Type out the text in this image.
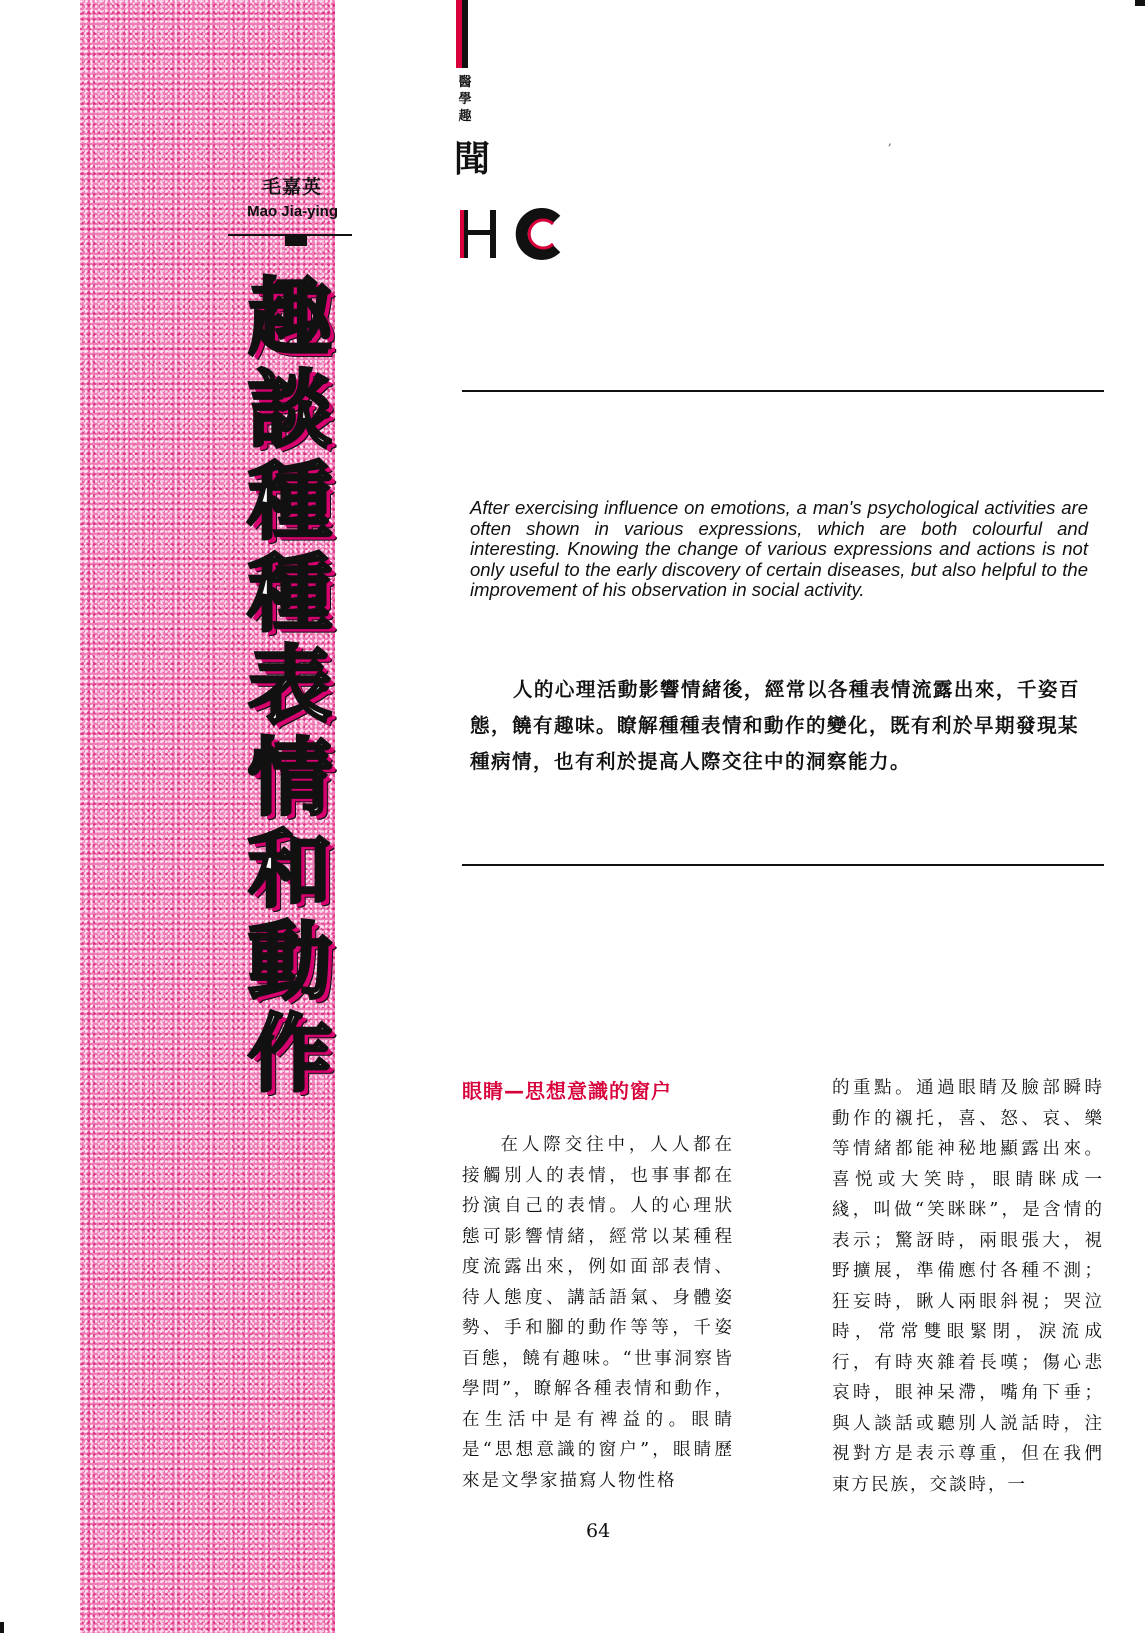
毛嘉英
Mao Jia-ying
趣
談
種
種
表
情
和
動
作
醫學趣
聞
After exercising influence on emotions, a man's psychological activities are often shown in various expressions, which are both colourful and interesting. Knowing the change of various expressions and actions is not only useful to the early discovery of certain diseases, but also helpful to the improvement of his observation in social activity.
人的心理活動影響情緒後，經常以各種表情流露出來，千姿百態，饒有趣味。瞭解種種表情和動作的變化，既有利於早期發現某種病情，也有利於提高人際交往中的洞察能力。
眼睛—思想意識的窗户
在人際交往中，人人都在接觸別人的表情，也事事都在扮演自己的表情。人的心理狀態可影響情緒，經常以某種程度流露出來，例如面部表情、待人態度、講話語氣、身體姿勢、手和腳的動作等等，千姿百態，饒有趣味。“世事洞察皆學問”，瞭解各種表情和動作，在生活中是有裨益的。眼睛是“思想意識的窗户”，眼睛歷來是文學家描寫人物性格
的重點。通過眼睛及臉部瞬時動作的襯托，喜、怒、哀、樂等情緒都能神秘地顯露出來。喜悦或大笑時，眼睛眯成一綫，叫做“笑眯眯”，是含情的表示；驚訝時，兩眼張大，視野擴展，準備應付各種不測；狂妄時，瞅人兩眼斜視；哭泣時，常常雙眼緊閉，淚流成行，有時夾雜着長嘆；傷心悲哀時，眼神呆滯，嘴角下垂；與人談話或聽別人説話時，注視對方是表示尊重，但在我們東方民族，交談時，一
64
,
